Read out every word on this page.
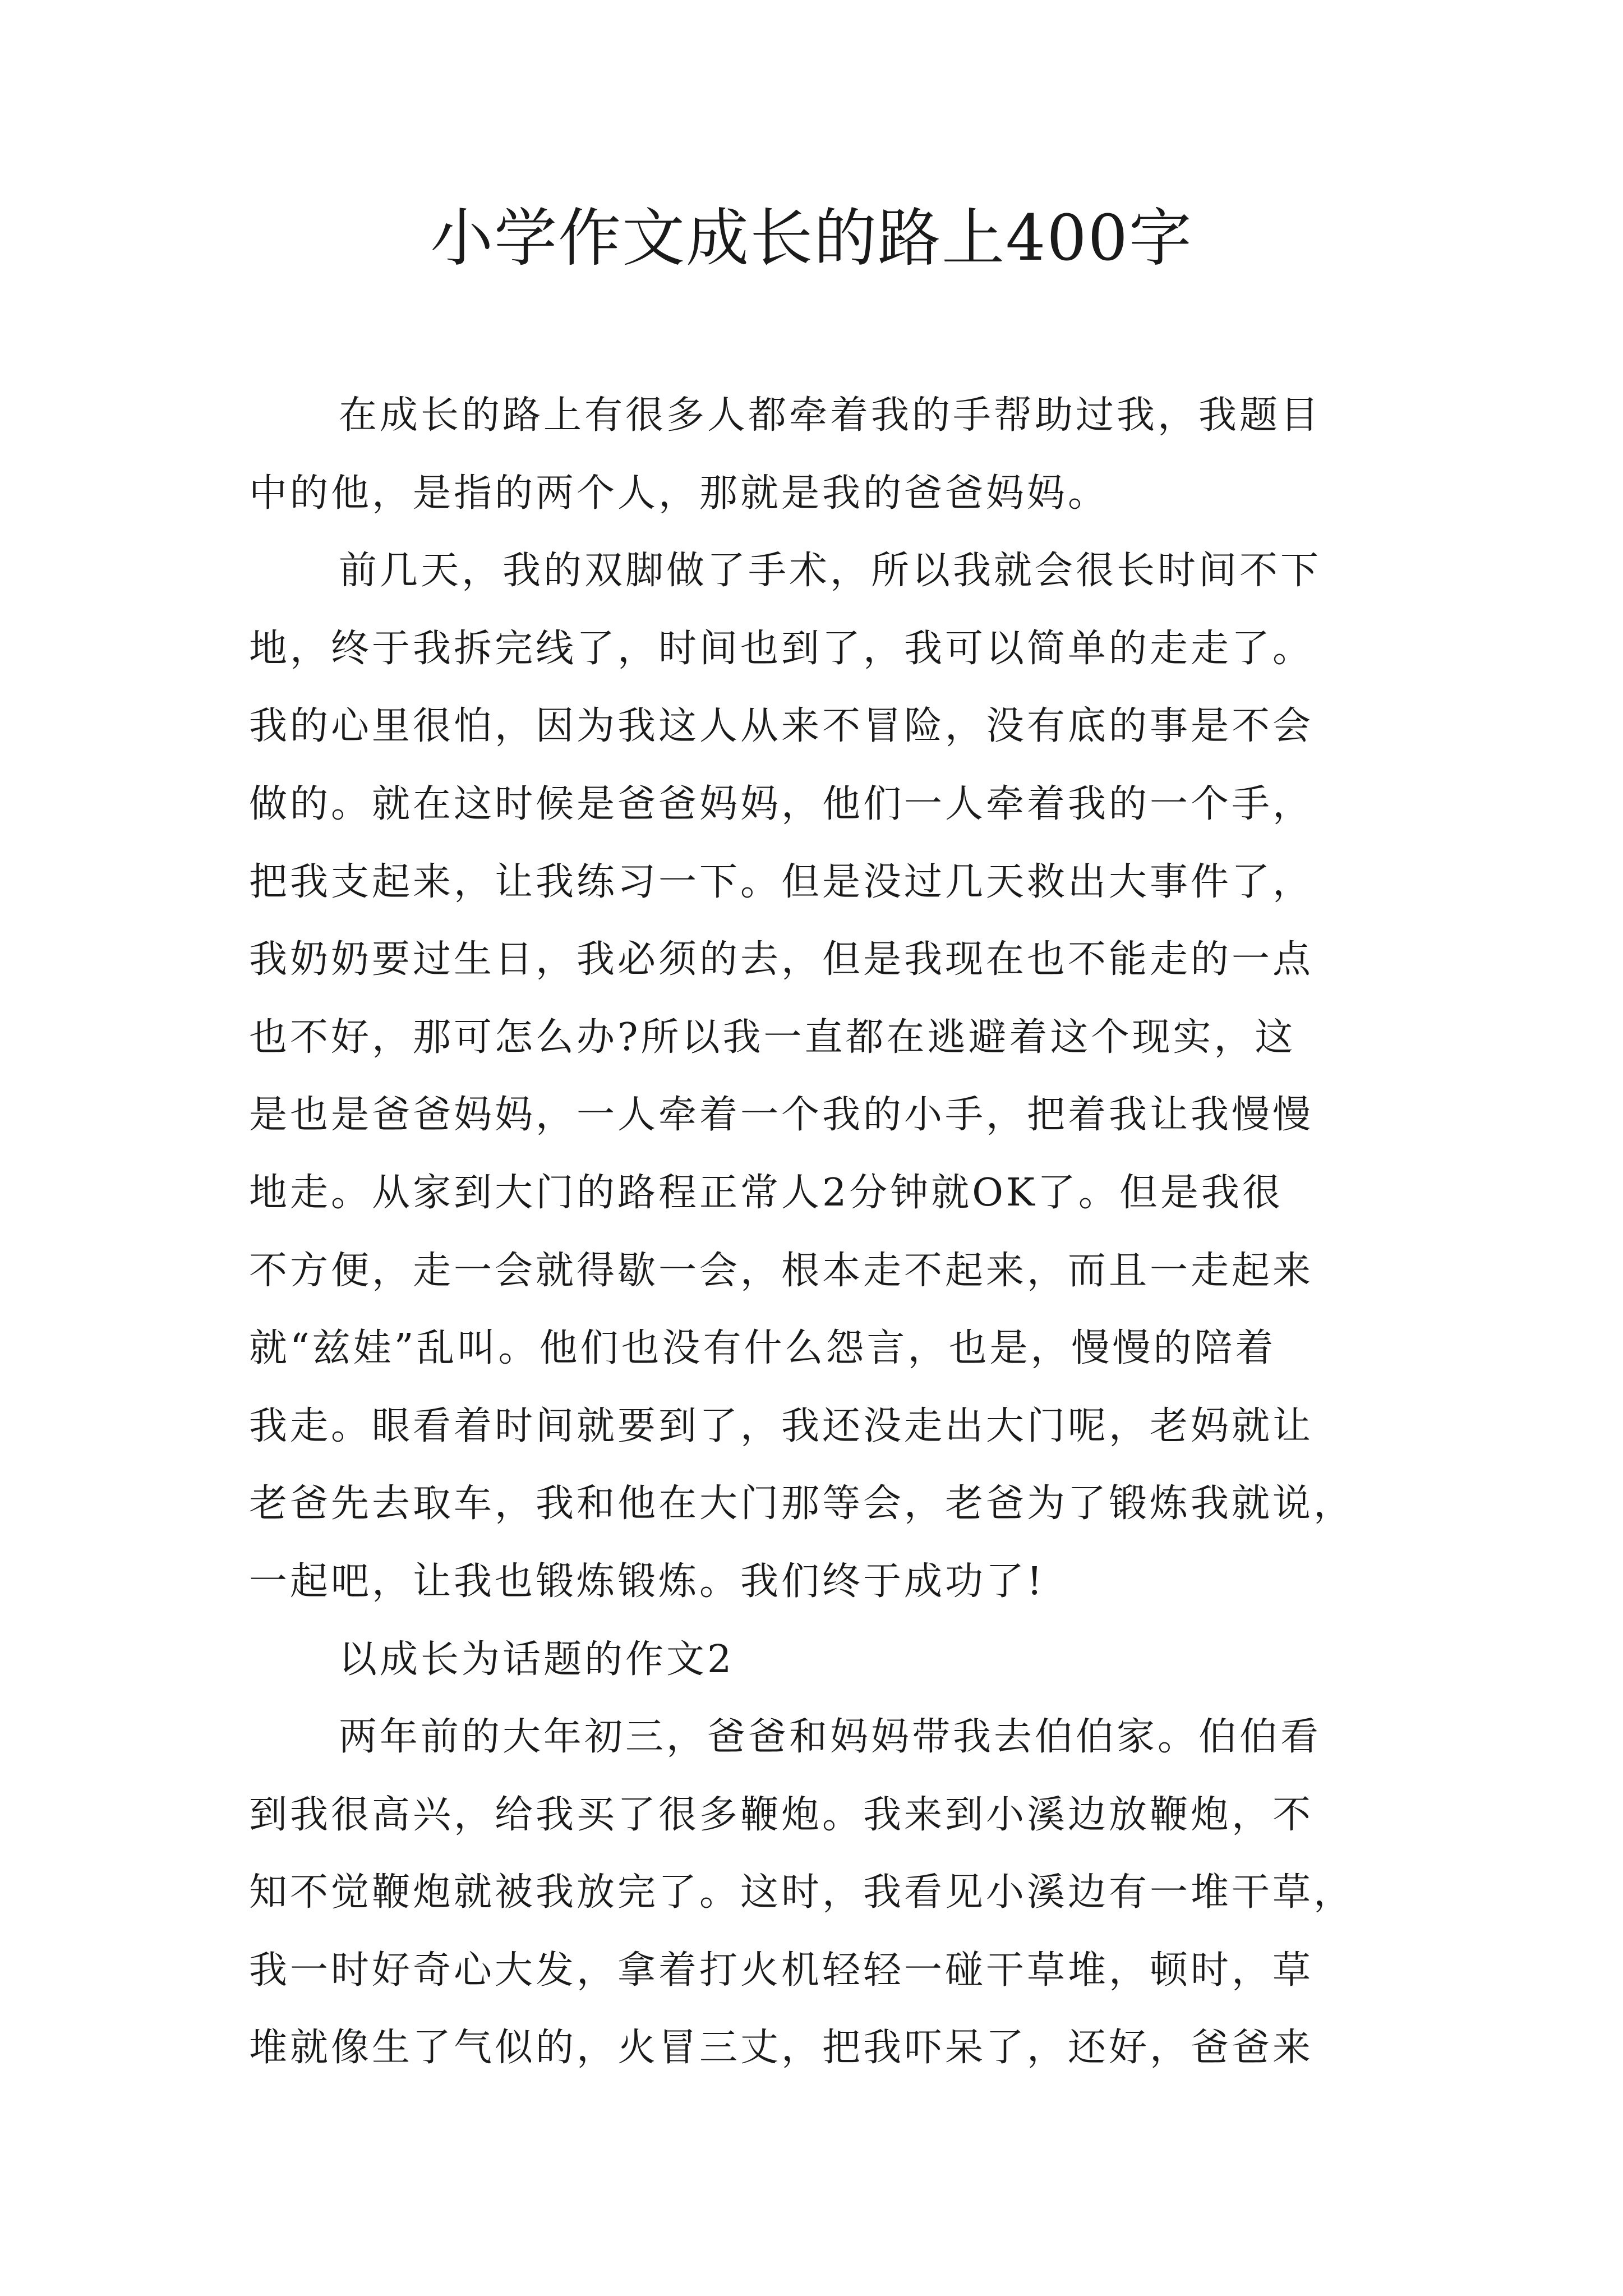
小学作文成长的路上400字
在成长的路上有很多人都牵着我的手帮助过我，我题目
中的他，是指的两个人，那就是我的爸爸妈妈。
前几天，我的双脚做了手术，所以我就会很长时间不下
地，终于我拆完线了，时间也到了，我可以简单的走走了。
我的心里很怕，因为我这人从来不冒险，没有底的事是不会
做的。就在这时候是爸爸妈妈，他们一人牵着我的一个手，
把我支起来，让我练习一下。但是没过几天救出大事件了，
我奶奶要过生日，我必须的去，但是我现在也不能走的一点
也不好，那可怎么办?所以我一直都在逃避着这个现实，这
是也是爸爸妈妈，一人牵着一个我的小手，把着我让我慢慢
地走。从家到大门的路程正常人2分钟就OK了。但是我很
不方便，走一会就得歇一会，根本走不起来，而且一走起来
就“兹娃”乱叫。他们也没有什么怨言，也是，慢慢的陪着
我走。眼看着时间就要到了，我还没走出大门呢，老妈就让
老爸先去取车，我和他在大门那等会，老爸为了锻炼我就说，
一起吧，让我也锻炼锻炼。我们终于成功了!
以成长为话题的作文2
两年前的大年初三，爸爸和妈妈带我去伯伯家。伯伯看
到我很高兴，给我买了很多鞭炮。我来到小溪边放鞭炮，不
知不觉鞭炮就被我放完了。这时，我看见小溪边有一堆干草，
我一时好奇心大发，拿着打火机轻轻一碰干草堆，顿时，草
堆就像生了气似的，火冒三丈，把我吓呆了，还好，爸爸来
